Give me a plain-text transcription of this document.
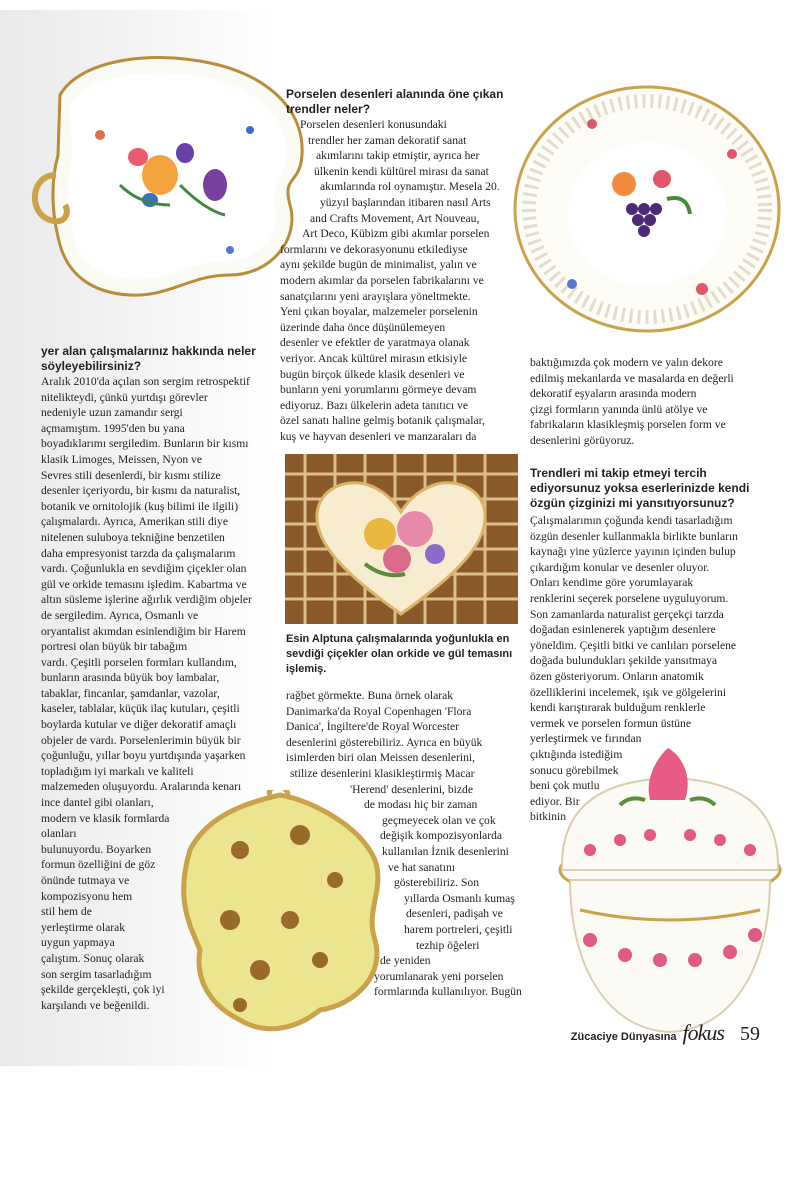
Porselen desenleri alanında öne çıkan trendler neler?
Porselen desenleri konusundaki
trendler her zaman dekoratif sanat
akımlarını takip etmiştir, ayrıca her
ülkenin kendi kültürel mirası da sanat
akımlarında rol oynamıştır. Mesela 20.
yüzyıl başlarından itibaren nasıl Arts
and Crafts Movement, Art Nouveau,
Art Deco, Kübizm gibi akımlar porselen
formlarını ve dekorasyonunu etkilediyse
aynı şekilde bugün de minimalist, yalın ve
modern akımlar da porselen fabrikalarını ve
sanatçılarını yeni arayışlara yöneltmekte.
Yeni çıkan boyalar, malzemeler porselenin
üzerinde daha önce düşünülemeyen
desenler ve efektler de yaratmaya olanak
veriyor. Ancak kültürel mirasın etkisiyle
bugün birçok ülkede klasik desenleri ve
bunların yeni yorumlarını görmeye devam
ediyoruz. Bazı ülkelerin adeta tanıtıcı ve
özel sanatı haline gelmiş botanik çalışmalar,
kuş ve hayvan desenleri ve manzaraları da
yer alan çalışmalarınız hakkında neler söyleyebilirsiniz?
Aralık 2010'da açılan son sergim retrospektif
nitelikteydi, çünkü yurtdışı görevler
nedeniyle uzun zamandır sergi
açmamıştım. 1995'den bu yana
boyadıklarımı sergiledim. Bunların bir kısmı
klasik Limoges, Meissen, Nyon ve
Sevres stili desenlerdi, bir kısmı stilize
desenler içeriyordu, bir kısmı da naturalist,
botanik ve ornitolojik (kuş bilimi ile ilgili)
çalışmalardı. Ayrıca, Amerikan stili diye
nitelenen suluboya tekniğine benzetilen
daha empresyonist tarzda da çalışmalarım
vardı. Çoğunlukla en sevdiğim çiçekler olan
gül ve orkide temasını işledim. Kabartma ve
altın süsleme işlerine ağırlık verdiğim objeler
de sergiledim. Ayrıca, Osmanlı ve
oryantalist akımdan esinlendiğim bir Harem
portresi olan büyük bir tabağım
vardı. Çeşitli porselen formları kullandım,
bunların arasında büyük boy lambalar,
tabaklar, fincanlar, şamdanlar, vazolar,
kaseler, tablalar, küçük ilaç kutuları, çeşitli
boylarda kutular ve diğer dekoratif amaçlı
objeler de vardı. Porselenlerimin büyük bir
çoğunluğu, yıllar boyu yurtdışında yaşarken
topladığım iyi markalı ve kaliteli
malzemeden oluşuyordu. Aralarında kenarı
ince dantel gibi olanları,
modern ve klasik formlarda
olanları
bulunuyordu. Boyarken
formun özelliğini de göz
önünde tutmaya ve
kompozisyonu hem
stil hem de
yerleştirme olarak
uygun yapmaya
çalıştım. Sonuç olarak
son sergim tasarladığım
şekilde gerçekleşti, çok iyi
karşılandı ve beğenildi.
baktığımızda çok modern ve yalın dekore
edilmiş mekanlarda ve masalarda en değerli
dekoratif eşyaların arasında modern
çizgi formların yanında ünlü atölye ve
fabrikaların klasikleşmiş porselen form ve
desenlerini görüyoruz.
Trendleri mi takip etmeyi tercih ediyorsunuz yoksa eserlerinizde kendi özgün çizginizi mi yansıtıyorsunuz?
Çalışmalarımın çoğunda kendi tasarladığım
özgün desenler kullanmakla birlikte bunların
kaynağı yine yüzlerce yayının içinden bulup
çıkardığım konular ve desenler oluyor.
Onları kendime göre yorumlayarak
renklerini seçerek porselene uyguluyorum.
Son zamanlarda naturalist gerçekçi tarzda
doğadan esinlenerek yaptığım desenlere
yöneldim. Çeşitli bitki ve canlıları porselene
doğada bulundukları şekilde yansıtmaya
özen gösteriyorum. Onların anatomik
özelliklerini incelemek, ışık ve gölgelerini
kendi karıştırarak bulduğum renklerle
vermek ve porselen formun üstüne
yerleştirmek ve fırından
çıktığında istediğim
sonucu görebilmek
beni çok mutlu
ediyor. Bir
bitkinin
Esin Alptuna çalışmalarında yoğunlukla en sevdiği çiçekler olan orkide ve gül temasını işlemiş.
rağbet görmekte. Buna örnek olarak
Danimarka'da Royal Copenhagen 'Flora
Danica', İngiltere'de Royal Worcester
desenlerini gösterebiliriz. Ayrıca en büyük
isimlerden biri olan Meissen desenlerini,
stilize desenlerini klasikleştirmiş Macar
'Herend' desenlerini, bizde
de modası hiç bir zaman
geçmeyecek olan ve çok
değişik kompozisyonlarda
kullanılan İznik desenlerini
ve hat sanatını
gösterebiliriz. Son
yıllarda Osmanlı kumaş
desenleri, padişah ve
harem portreleri, çeşitli
tezhip öğeleri
de yeniden
yorumlanarak yeni porselen
formlarında kullanılıyor. Bugün
Zücaciye Dünyasına fokus 59
